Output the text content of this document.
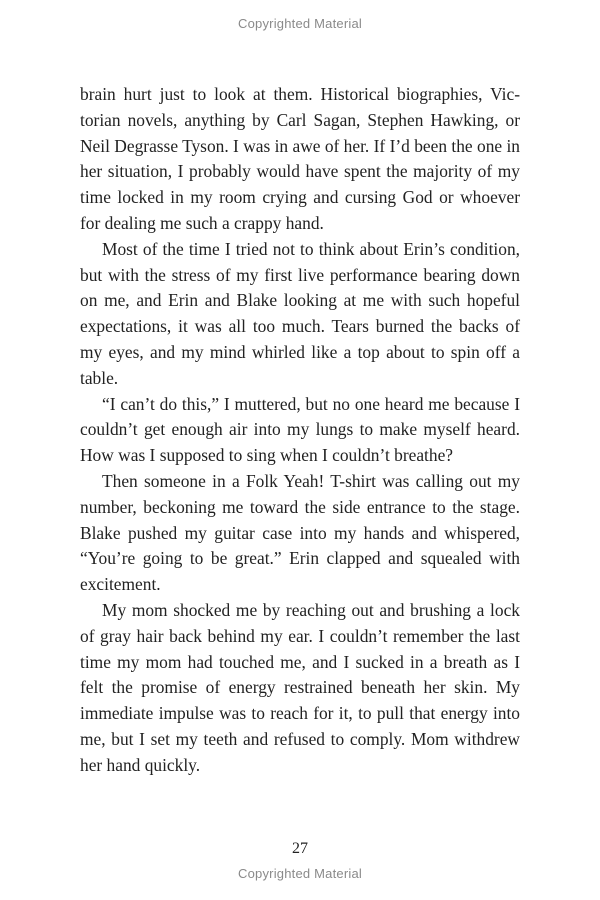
Copyrighted Material

brain hurt just to look at them. Historical biographies, Victorian novels, anything by Carl Sagan, Stephen Hawking, or Neil Degrasse Tyson. I was in awe of her. If I’d been the one in her situation, I probably would have spent the majority of my time locked in my room crying and cursing God or whoever for dealing me such a crappy hand.

Most of the time I tried not to think about Erin’s condition, but with the stress of my first live performance bearing down on me, and Erin and Blake looking at me with such hopeful expectations, it was all too much. Tears burned the backs of my eyes, and my mind whirled like a top about to spin off a table.

“I can’t do this,” I muttered, but no one heard me because I couldn’t get enough air into my lungs to make myself heard. How was I supposed to sing when I couldn’t breathe?

Then someone in a Folk Yeah! T-shirt was calling out my number, beckoning me toward the side entrance to the stage. Blake pushed my guitar case into my hands and whispered, “You’re going to be great.” Erin clapped and squealed with excitement.

My mom shocked me by reaching out and brushing a lock of gray hair back behind my ear. I couldn’t remember the last time my mom had touched me, and I sucked in a breath as I felt the promise of energy restrained beneath her skin. My immediate impulse was to reach for it, to pull that energy into me, but I set my teeth and refused to comply. Mom withdrew her hand quickly.

27
Copyrighted Material
